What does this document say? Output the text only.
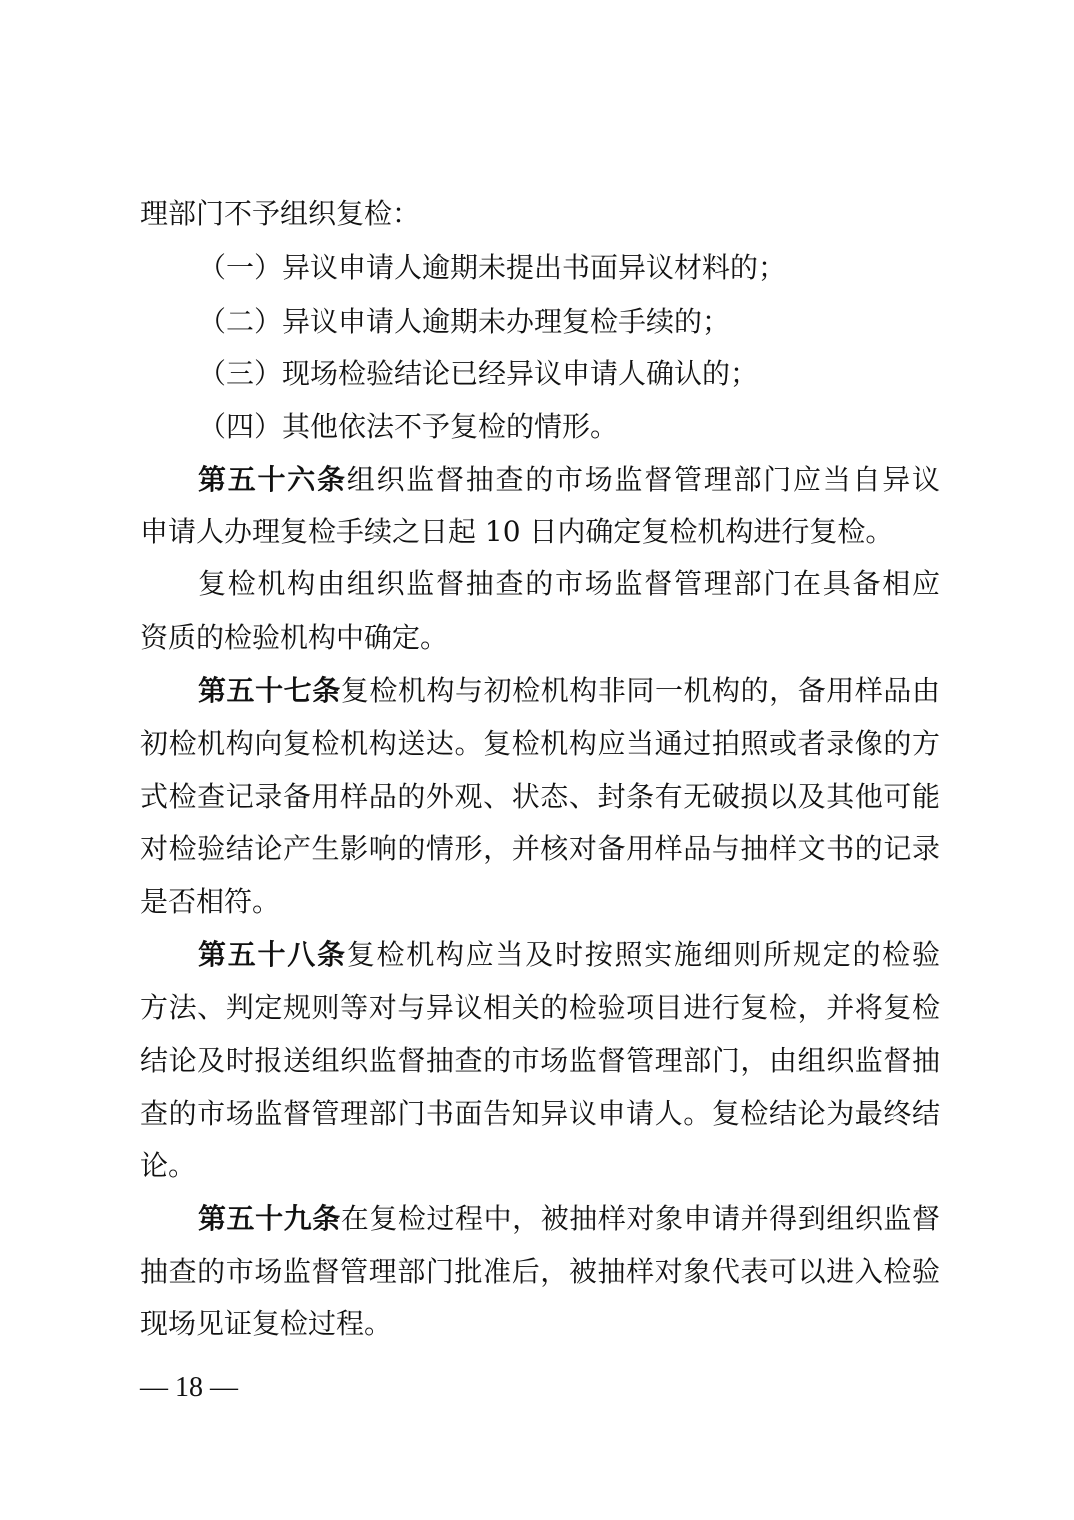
理部门不予组织复检：
（一）异议申请人逾期未提出书面异议材料的；
（二）异议申请人逾期未办理复检手续的；
（三）现场检验结论已经异议申请人确认的；
（四）其他依法不予复检的情形。
第五十六条组织监督抽查的市场监督管理部门应当自异议
申请人办理复检手续之日起 10 日内确定复检机构进行复检。
复检机构由组织监督抽查的市场监督管理部门在具备相应
资质的检验机构中确定。
第五十七条复检机构与初检机构非同一机构的，备用样品由
初检机构向复检机构送达。复检机构应当通过拍照或者录像的方
式检查记录备用样品的外观、状态、封条有无破损以及其他可能
对检验结论产生影响的情形，并核对备用样品与抽样文书的记录
是否相符。
第五十八条复检机构应当及时按照实施细则所规定的检验
方法、判定规则等对与异议相关的检验项目进行复检，并将复检
结论及时报送组织监督抽查的市场监督管理部门，由组织监督抽
查的市场监督管理部门书面告知异议申请人。复检结论为最终结
论。
第五十九条在复检过程中，被抽样对象申请并得到组织监督
抽查的市场监督管理部门批准后，被抽样对象代表可以进入检验
现场见证复检过程。
— 18 —
